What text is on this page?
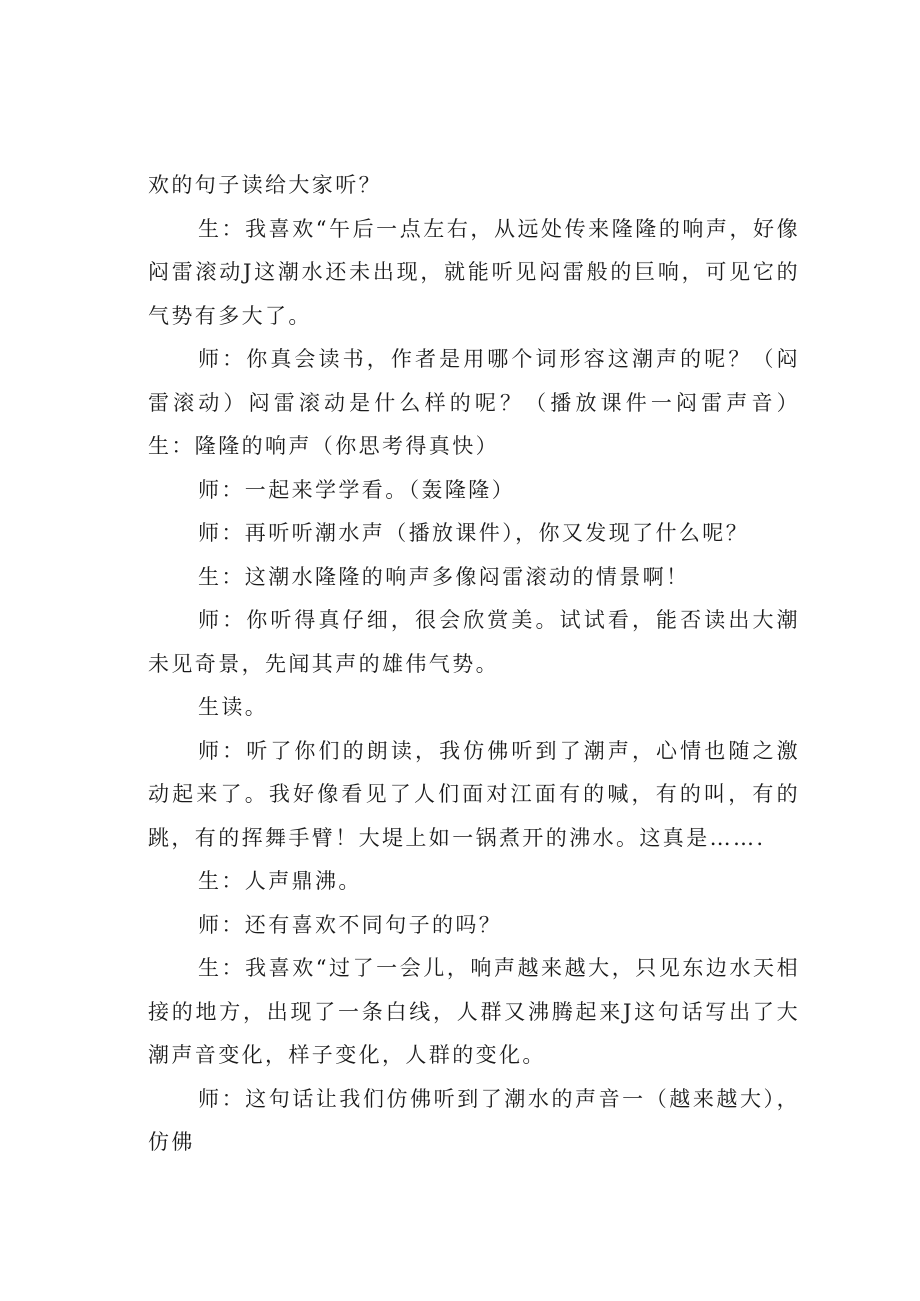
欢的句子读给大家听？

生：我喜欢“午后一点左右，从远处传来隆隆的响声，好像闷雷滚动J这潮水还未出现，就能听见闷雷般的巨响，可见它的气势有多大了。

师：你真会读书，作者是用哪个词形容这潮声的呢？（闷雷滚动）闷雷滚动是什么样的呢？（播放课件一闷雷声音）生：隆隆的响声（你思考得真快）

师：一起来学学看。（轰隆隆）

师：再听听潮水声（播放课件），你又发现了什么呢？

生：这潮水隆隆的响声多像闷雷滚动的情景啊！

师：你听得真仔细，很会欣赏美。试试看，能否读出大潮未见奇景，先闻其声的雄伟气势。

生读。

师：听了你们的朗读，我仿佛听到了潮声，心情也随之激动起来了。我好像看见了人们面对江面有的喊，有的叫，有的跳，有的挥舞手臂！大堤上如一锅煮开的沸水。这真是…….

生：人声鼎沸。

师：还有喜欢不同句子的吗？

生：我喜欢“过了一会儿，响声越来越大，只见东边水天相接的地方，出现了一条白线，人群又沸腾起来J这句话写出了大潮声音变化，样子变化，人群的变化。

师：这句话让我们仿佛听到了潮水的声音一（越来越大），仿佛
